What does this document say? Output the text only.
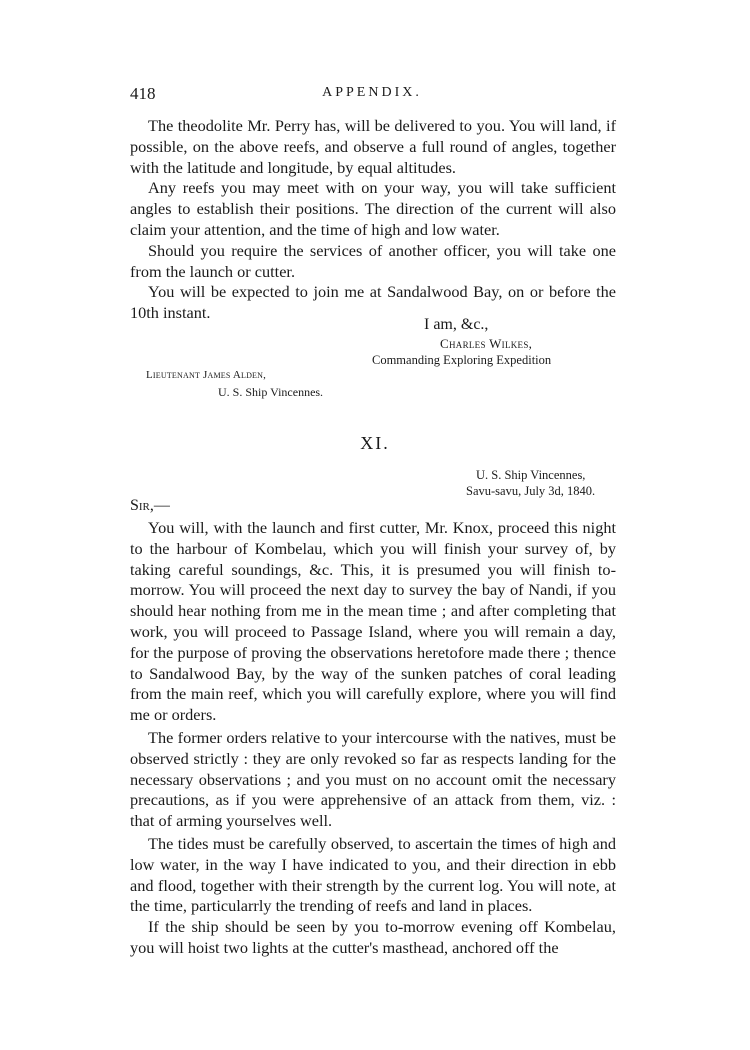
418	APPENDIX.

The theodolite Mr. Perry has, will be delivered to you. You will land, if possible, on the above reefs, and observe a full round of angles, together with the latitude and longitude, by equal altitudes.

Any reefs you may meet with on your way, you will take sufficient angles to establish their positions. The direction of the current will also claim your attention, and the time of high and low water.

Should you require the services of another officer, you will take one from the launch or cutter.

You will be expected to join me at Sandalwood Bay, on or before the 10th instant.

I am, &c.,
Charles Wilkes,
Commanding Exploring Expedition
Lieutenant James Alden,
U. S. Ship Vincennes.
XI.
U. S. Ship Vincennes,
Savu-savu, July 3d, 1840.
Sir,—

You will, with the launch and first cutter, Mr. Knox, proceed this night to the harbour of Kombelau, which you will finish your survey of, by taking careful soundings, &c. This, it is presumed you will finish to-morrow. You will proceed the next day to survey the bay of Nandi, if you should hear nothing from me in the mean time ; and after completing that work, you will proceed to Passage Island, where you will remain a day, for the purpose of proving the observations heretofore made there ; thence to Sandalwood Bay, by the way of the sunken patches of coral leading from the main reef, which you will carefully explore, where you will find me or orders.

The former orders relative to your intercourse with the natives, must be observed strictly : they are only revoked so far as respects landing for the necessary observations ; and you must on no account omit the necessary precautions, as if you were apprehensive of an attack from them, viz. : that of arming yourselves well.

The tides must be carefully observed, to ascertain the times of high and low water, in the way I have indicated to you, and their direction in ebb and flood, together with their strength by the current log. You will note, at the time, particularrly the trending of reefs and land in places.

If the ship should be seen by you to-morrow evening off Kombelau, you will hoist two lights at the cutter's masthead, anchored off the
